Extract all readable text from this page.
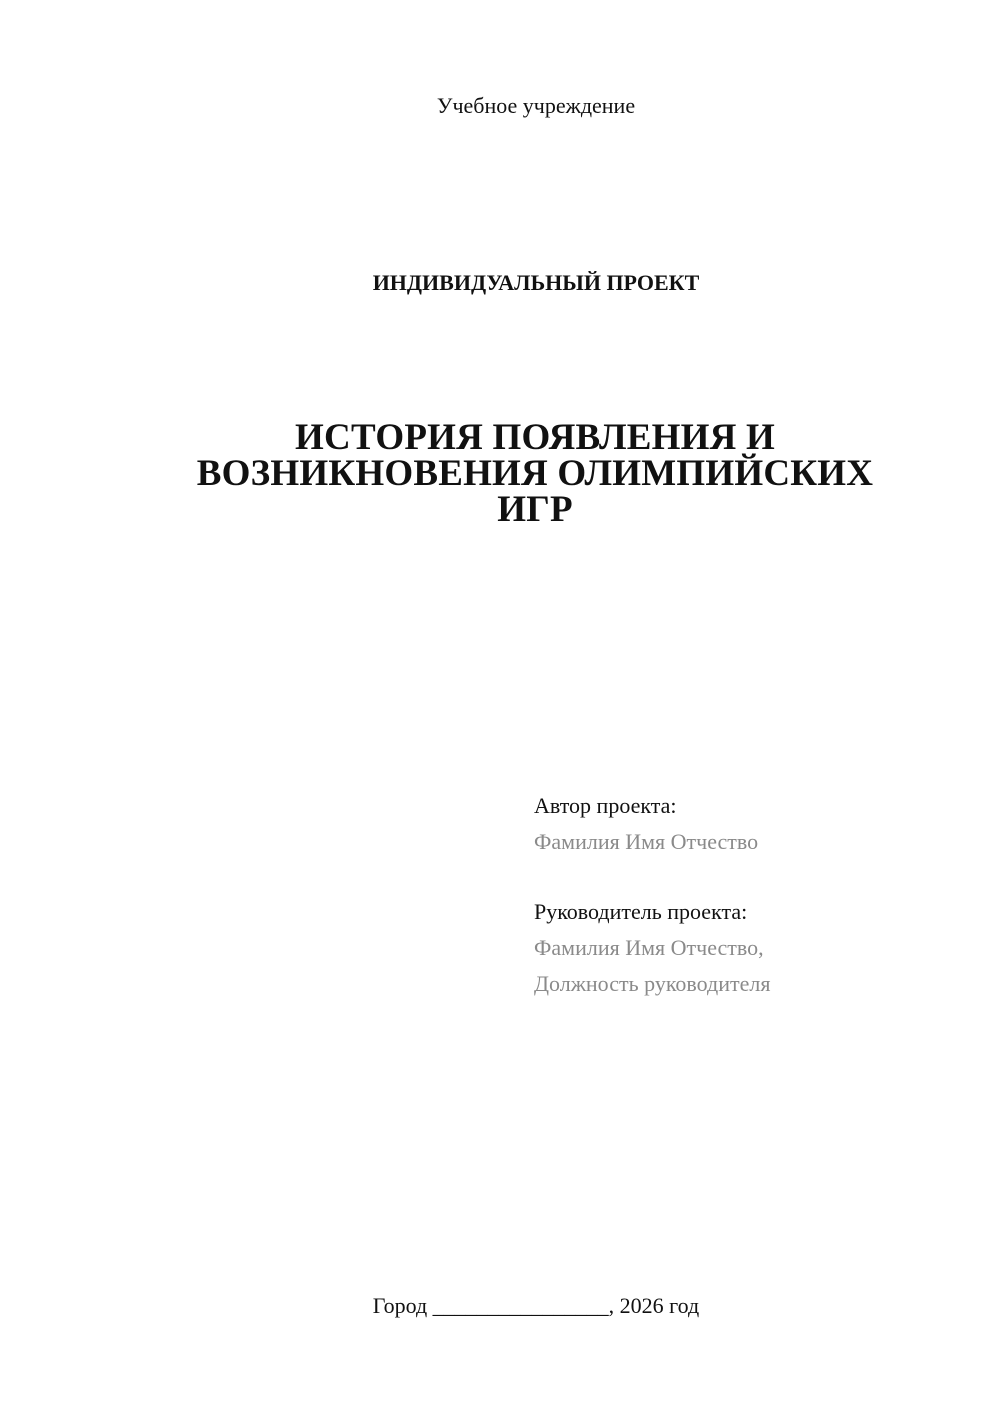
Учебное учреждение
ИНДИВИДУАЛЬНЫЙ ПРОЕКТ
ИСТОРИЯ ПОЯВЛЕНИЯ И
ВОЗНИКНОВЕНИЯ ОЛИМПИЙСКИХ
ИГР
Автор проекта:
Фамилия Имя Отчество
Руководитель проекта:
Фамилия Имя Отчество,
Должность руководителя
Город ________________, 2026 год
